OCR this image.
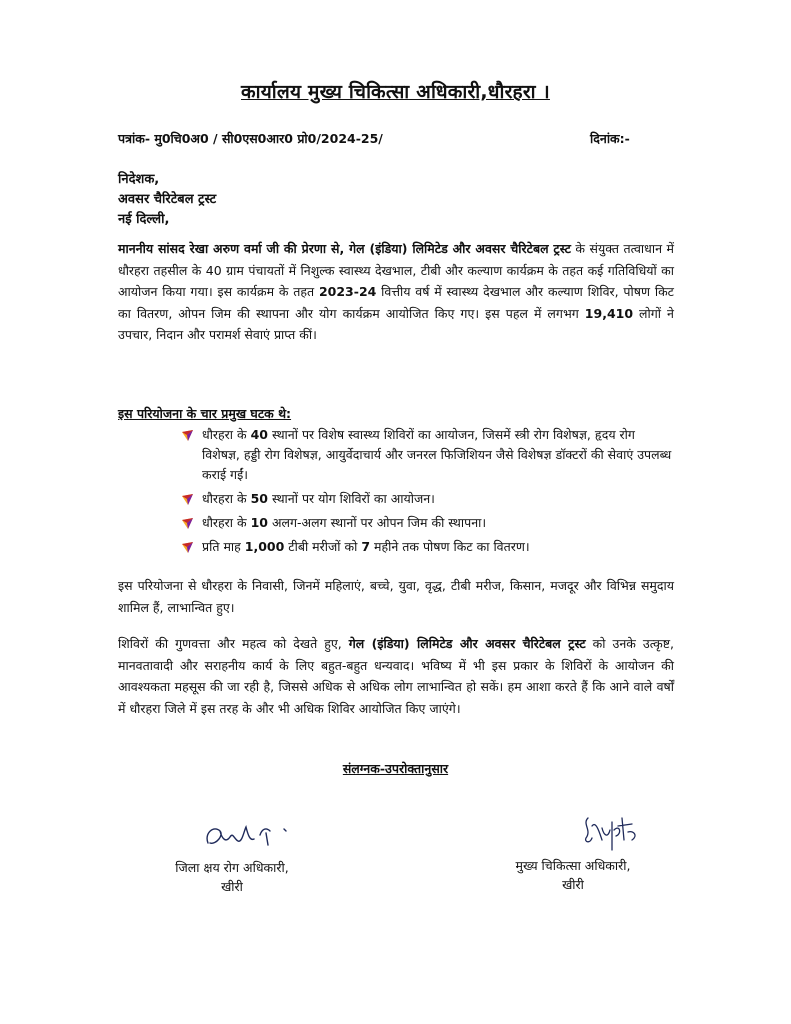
कार्यालय मुख्य चिकित्सा अधिकारी,धौरहरा ।
पत्रांक- मु0चि0अ0 / सी0एस0आर0 प्रो0/2024-25/	दिनांक:-
निदेशक,
अवसर चैरिटेबल ट्रस्ट
नई दिल्ली,

माननीय सांसद रेखा अरुण वर्मा जी की प्रेरणा से, गेल (इंडिया) लिमिटेड और अवसर चैरिटेबल ट्रस्ट के संयुक्त तत्वाधान में धौरहरा तहसील के 40 ग्राम पंचायतों में निशुल्क स्वास्थ्य देखभाल, टीबी और कल्याण कार्यक्रम के तहत कई गतिविधियों का आयोजन किया गया। इस कार्यक्रम के तहत 2023-24 वित्तीय वर्ष में स्वास्थ्य देखभाल और कल्याण शिविर, पोषण किट का वितरण, ओपन जिम की स्थापना और योग कार्यक्रम आयोजित किए गए। इस पहल में लगभग 19,410 लोगों ने उपचार, निदान और परामर्श सेवाएं प्राप्त कीं।

इस परियोजना के चार प्रमुख घटक थे:
धौरहरा के 40 स्थानों पर विशेष स्वास्थ्य शिविरों का आयोजन, जिसमें स्त्री रोग विशेषज्ञ, हृदय रोग विशेषज्ञ, हड्डी रोग विशेषज्ञ, आयुर्वेदाचार्य और जनरल फिजिशियन जैसे विशेषज्ञ डॉक्टरों की सेवाएं उपलब्ध कराई गईं।
धौरहरा के 50 स्थानों पर योग शिविरों का आयोजन।
धौरहरा के 10 अलग-अलग स्थानों पर ओपन जिम की स्थापना।
प्रति माह 1,000 टीबी मरीजों को 7 महीने तक पोषण किट का वितरण।

इस परियोजना से धौरहरा के निवासी, जिनमें महिलाएं, बच्चे, युवा, वृद्ध, टीबी मरीज, किसान, मजदूर और विभिन्न समुदाय शामिल हैं, लाभान्वित हुए।

शिविरों की गुणवत्ता और महत्व को देखते हुए, गेल (इंडिया) लिमिटेड और अवसर चैरिटेबल ट्रस्ट को उनके उत्कृष्ट, मानवतावादी और सराहनीय कार्य के लिए बहुत-बहुत धन्यवाद। भविष्य में भी इस प्रकार के शिविरों के आयोजन की आवश्यकता महसूस की जा रही है, जिससे अधिक से अधिक लोग लाभान्वित हो सकें। हम आशा करते हैं कि आने वाले वर्षों में धौरहरा जिले में इस तरह के और भी अधिक शिविर आयोजित किए जाएंगे।

संलग्नक-उपरोक्तानुसार
जिला क्षय रोग अधिकारी,
खीरी
मुख्य चिकित्सा अधिकारी,
खीरी
